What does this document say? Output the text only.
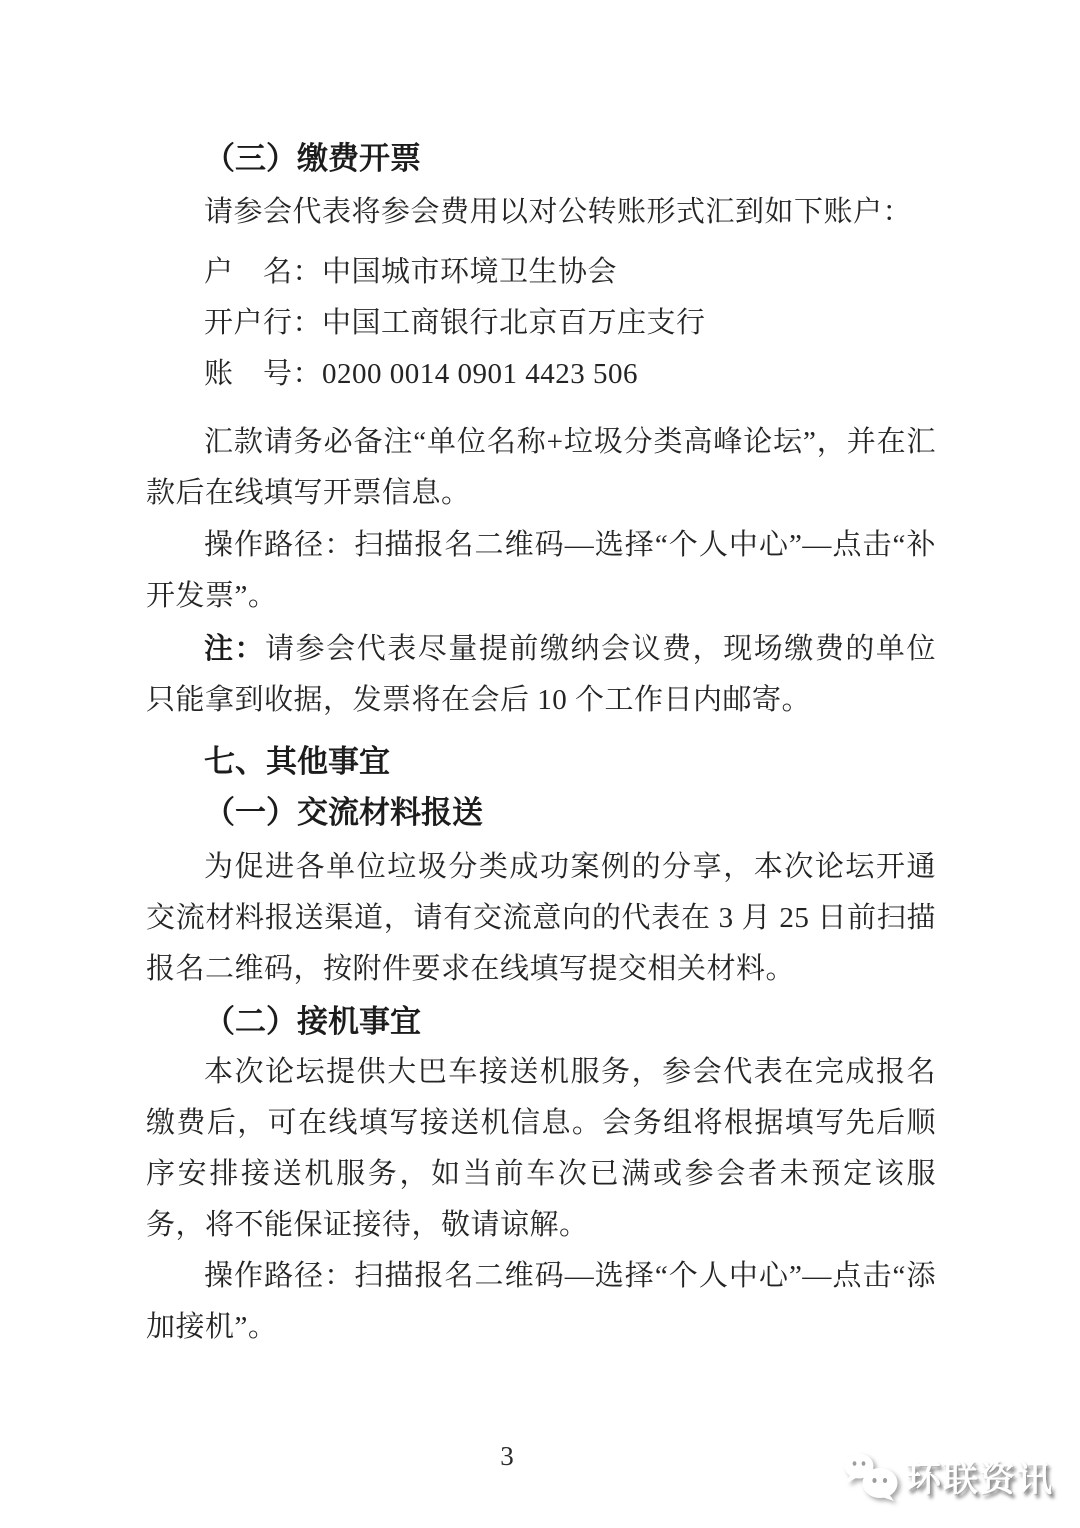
（三）缴费开票

请参会代表将参会费用以对公转账形式汇到如下账户：

户　名：中国城市环境卫生协会

开户行：中国工商银行北京百万庄支行

账　号：0200 0014 0901 4423 506

汇款请务必备注“单位名称+垃圾分类高峰论坛”，并在汇款后在线填写开票信息。

操作路径：扫描报名二维码—选择“个人中心”—点击“补开发票”。

注：请参会代表尽量提前缴纳会议费，现场缴费的单位只能拿到收据，发票将在会后 10 个工作日内邮寄。

七、其他事宜
（一）交流材料报送

为促进各单位垃圾分类成功案例的分享，本次论坛开通交流材料报送渠道，请有交流意向的代表在 3 月 25 日前扫描报名二维码，按附件要求在线填写提交相关材料。

（二）接机事宜

本次论坛提供大巴车接送机服务，参会代表在完成报名缴费后，可在线填写接送机信息。会务组将根据填写先后顺序安排接送机服务，如当前车次已满或参会者未预定该服务，将不能保证接待，敬请谅解。

操作路径：扫描报名二维码—选择“个人中心”—点击“添加接机”。

3
环联资讯
